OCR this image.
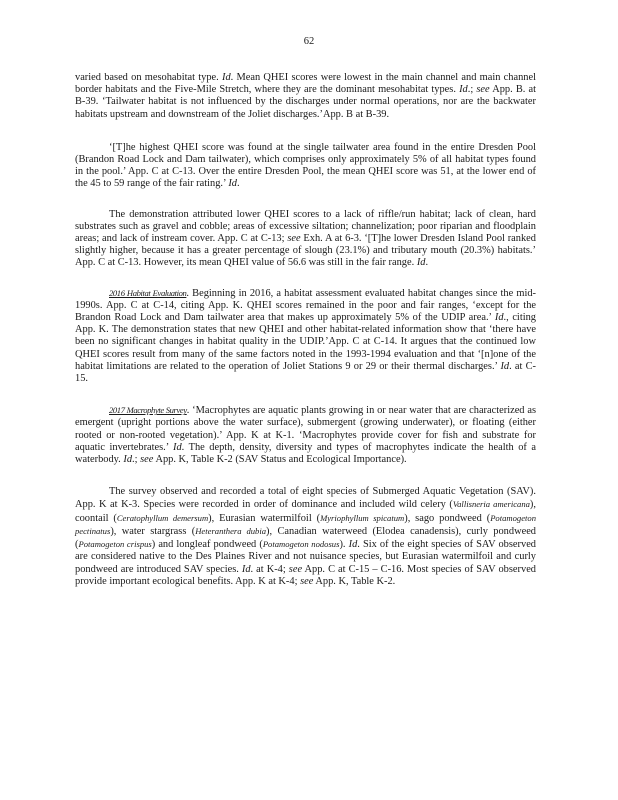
62

varied based on mesohabitat type. Id. Mean QHEI scores were lowest in the main channel and main channel border habitats and the Five-Mile Stretch, where they are the dominant mesohabitat types. Id.; see App. B. at B-39. ‘Tailwater habitat is not influenced by the discharges under normal operations, nor are the backwater habitats upstream and downstream of the Joliet discharges.’App. B at B-39.

‘[T]he highest QHEI score was found at the single tailwater area found in the entire Dresden Pool (Brandon Road Lock and Dam tailwater), which comprises only approximately 5% of all habitat types found in the pool.’ App. C at C-13. Over the entire Dresden Pool, the mean QHEI score was 51, at the lower end of the 45 to 59 range of the fair rating.’ Id.

The demonstration attributed lower QHEI scores to a lack of riffle/run habitat; lack of clean, hard substrates such as gravel and cobble; areas of excessive siltation; channelization; poor riparian and floodplain areas; and lack of instream cover. App. C at C-13; see Exh. A at 6-3. ‘[T]he lower Dresden Island Pool ranked slightly higher, because it has a greater percentage of slough (23.1%) and tributary mouth (20.3%) habitats.’ App. C at C-13. However, its mean QHEI value of 56.6 was still in the fair range. Id.

2016 Habitat Evaluation. Beginning in 2016, a habitat assessment evaluated habitat changes since the mid-1990s. App. C at C-14, citing App. K. QHEI scores remained in the poor and fair ranges, ‘except for the Brandon Road Lock and Dam tailwater area that makes up approximately 5% of the UDIP area.’ Id., citing App. K. The demonstration states that new QHEI and other habitat-related information show that ‘there have been no significant changes in habitat quality in the UDIP.’App. C at C-14. It argues that the continued low QHEI scores result from many of the same factors noted in the 1993-1994 evaluation and that ‘[n]one of the habitat limitations are related to the operation of Joliet Stations 9 or 29 or their thermal discharges.’ Id. at C-15.

2017 Macrophyte Survey. ‘Macrophytes are aquatic plants growing in or near water that are characterized as emergent (upright portions above the water surface), submergent (growing underwater), or floating (either rooted or non-rooted vegetation).’ App. K at K-1. ‘Macrophytes provide cover for fish and substrate for aquatic invertebrates.’ Id. The depth, density, diversity and types of macrophytes indicate the health of a waterbody. Id.; see App. K, Table K-2 (SAV Status and Ecological Importance).

The survey observed and recorded a total of eight species of Submerged Aquatic Vegetation (SAV). App. K at K-3. Species were recorded in order of dominance and included wild celery (Vallisneria americana), coontail (Ceratophyllum demersum), Eurasian watermilfoil (Myriophyllum spicatum), sago pondweed (Potamogeton pectinatus), water stargrass (Heteranthera dubia), Canadian waterweed (Elodea canadensis), curly pondweed (Potamogeton crispus) and longleaf pondweed (Potamogeton nodosus). Id. Six of the eight species of SAV observed are considered native to the Des Plaines River and not nuisance species, but Eurasian watermilfoil and curly pondweed are introduced SAV species. Id. at K-4; see App. C at C-15 – C-16. Most species of SAV observed provide important ecological benefits. App. K at K-4; see App. K, Table K-2.
